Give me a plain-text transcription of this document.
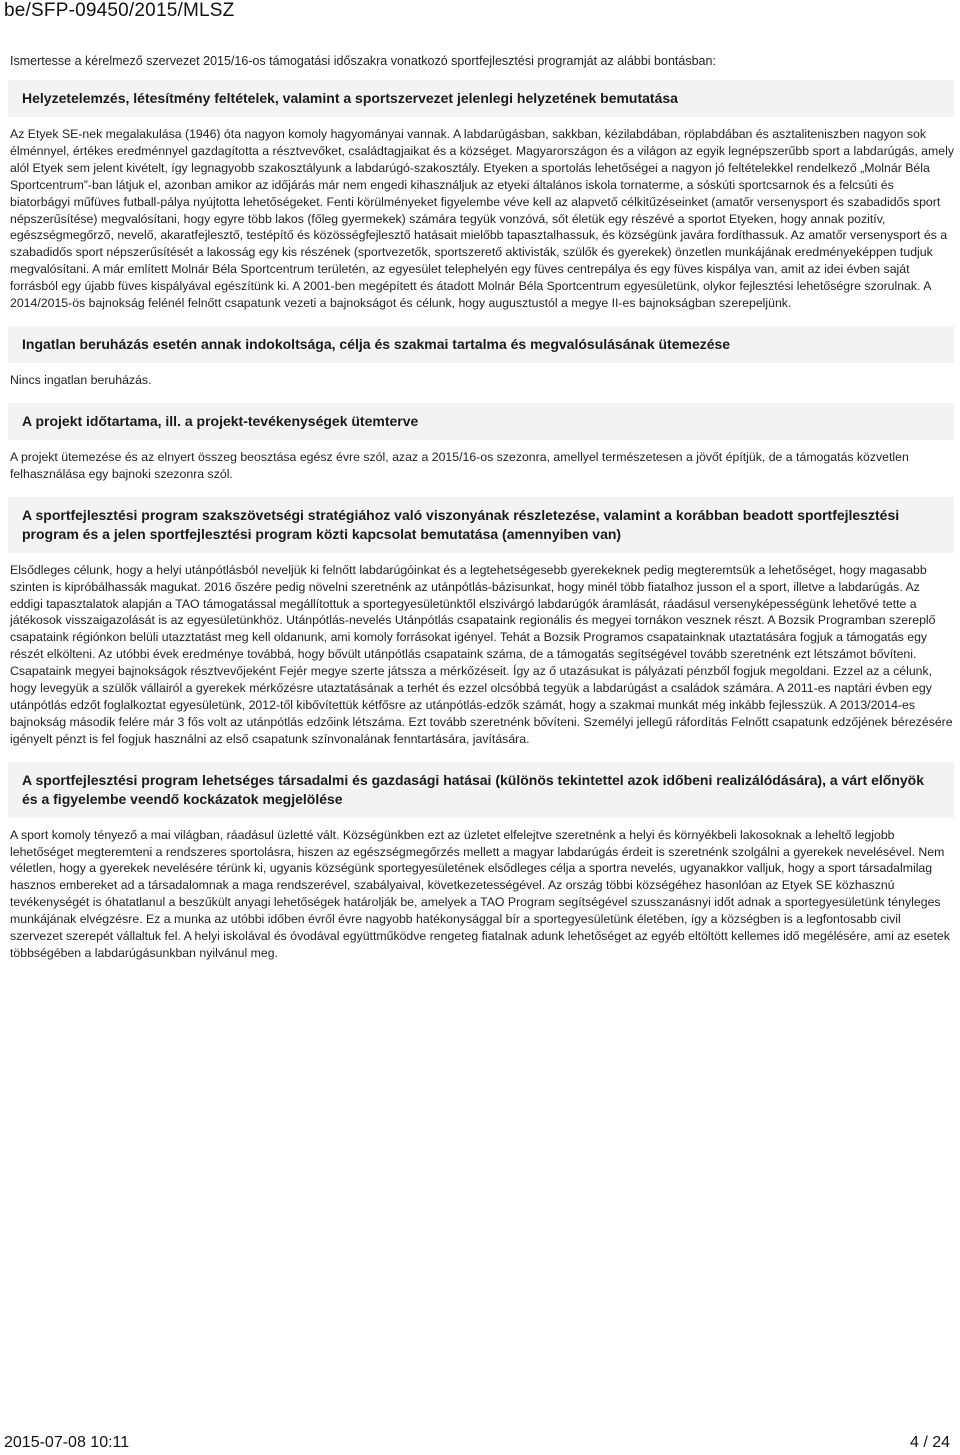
be/SFP-09450/2015/MLSZ
Ismertesse a kérelmező szervezet 2015/16-os támogatási időszakra vonatkozó sportfejlesztési programját az alábbi bontásban:
Helyzetelemzés, létesítmény feltételek, valamint a sportszervezet jelenlegi helyzetének bemutatása
Az Etyek SE-nek megalakulása (1946) óta nagyon komoly hagyományai vannak. A labdarúgásban, sakkban, kézilabdában, röplabdában és asztaliteniszben nagyon sok élménnyel, értékes eredménnyel gazdagította a résztvevőket, családtagjaikat és a községet. Magyarországon és a világon az egyik legnépszerűbb sport a labdarúgás, amely alól Etyek sem jelent kivételt, így legnagyobb szakosztályunk a labdarúgó-szakosztály. Etyeken a sportolás lehetőségei a nagyon jó feltételekkel rendelkező „Molnár Béla Sportcentrum”-ban látjuk el, azonban amikor az időjárás már nem engedi kihasználjuk az etyeki általános iskola tornaterme, a sóskúti sportcsarnok és a felcsúti és biatorbágyi műfüves futball-pálya nyújtotta lehetőségeket. Fenti körülményeket figyelembe véve kell az alapvető célkitűzéseinket (amatőr versenysport és szabadidős sport népszerűsítése) megvalósítani, hogy egyre több lakos (főleg gyermekek) számára tegyük vonzóvá, sőt életük egy részévé a sportot Etyeken, hogy annak pozitív, egészségmegőrző, nevelő, akaratfejlesztő, testépítő és közösségfejlesztő hatásait mielőbb tapasztalhassuk, és községünk javára fordíthassuk. Az amatőr versenysport és a szabadidős sport népszerűsítését a lakosság egy kis részének (sportvezetők, sportszerető aktivisták, szülők és gyerekek) önzetlen munkájának eredményeképpen tudjuk megvalósítani. A már említett Molnár Béla Sportcentrum területén, az egyesület telephelyén egy füves centrepálya és egy füves kispálya van, amit az idei évben saját forrásból egy újabb füves kispályával egészítünk ki. A 2001-ben megépített és átadott Molnár Béla Sportcentrum egyesületünk, olykor fejlesztési lehetőségre szorulnak. A 2014/2015-ös bajnokság felénél felnőtt csapatunk vezeti a bajnokságot és célunk, hogy augusztustól a megye II-es bajnokságban szerepeljünk.
Ingatlan beruházás esetén annak indokoltsága, célja és szakmai tartalma és megvalósulásának ütemezése
Nincs ingatlan beruházás.
A projekt időtartama, ill. a projekt-tevékenységek ütemterve
A projekt ütemezése és az elnyert összeg beosztása egész évre szól, azaz a 2015/16-os szezonra, amellyel természetesen a jövőt építjük, de a támogatás közvetlen felhasználása egy bajnoki szezonra szól.
A sportfejlesztési program szakszövetségi stratégiához való viszonyának részletezése, valamint a korábban beadott sportfejlesztési program és a jelen sportfejlesztési program közti kapcsolat bemutatása (amennyiben van)
Elsődleges célunk, hogy a helyi utánpótlásból neveljük ki felnőtt labdarúgóinkat és a legtehetségesebb gyerekeknek pedig megteremtsük a lehetőséget, hogy magasabb szinten is kipróbálhassák magukat. 2016 őszére pedig növelni szeretnénk az utánpótlás-bázisunkat, hogy minél több fiatalhoz jusson el a sport, illetve a labdarúgás. Az eddigi tapasztalatok alapján a TAO támogatással megállítottuk a sportegyesületünktől elszivárgó labdarúgók áramlását, ráadásul versenyképességünk lehetővé tette a játékosok visszaigazolását is az egyesületünkhöz. Utánpótlás-nevelés Utánpótlás csapataink regionális és megyei tornákon vesznek részt. A Bozsik Programban szereplő csapataink régiónkon belüli utazztatást meg kell oldanunk, ami komoly forrásokat igényel. Tehát a Bozsik Programos csapatainknak utaztatására fogjuk a támogatás egy részét elkölteni. Az utóbbi évek eredménye továbbá, hogy bővült utánpótlás csapataink száma, de a támogatás segítségével tovább szeretnénk ezt létszámot bővíteni. Csapataink megyei bajnokságok résztvevőjeként Fejér megye szerte játssza a mérkőzéseit. Így az ő utazásukat is pályázati pénzből fogjuk megoldani. Ezzel az a célunk, hogy levegyük a szülők vállairól a gyerekek mérkőzésre utaztatásának a terhét és ezzel olcsóbbá tegyük a labdarúgást a családok számára. A 2011-es naptári évben egy utánpótlás edzőt foglalkoztat egyesületünk, 2012-től kibővítettük kétfősre az utánpótlás-edzők számát, hogy a szakmai munkát még inkább fejlesszük. A 2013/2014-es bajnokság második felére már 3 fős volt az utánpótlás edzőink létszáma. Ezt tovább szeretnénk bővíteni. Személyi jellegű ráfordítás Felnőtt csapatunk edzőjének bérezésére igényelt pénzt is fel fogjuk használni az első csapatunk színvonalának fenntartására, javítására.
A sportfejlesztési program lehetséges társadalmi és gazdasági hatásai (különös tekintettel azok időbeni realizálódására), a várt előnyök és a figyelembe veendő kockázatok megjelölése
A sport komoly tényező a mai világban, ráadásul üzletté vált. Községünkben ezt az üzletet elfelejtve szeretnénk a helyi és környékbeli lakosoknak a leheltő legjobb lehetőséget megteremteni a rendszeres sportolásra, hiszen az egészségmegőrzés mellett a magyar labdarúgás érdeit is szeretnénk szolgálni a gyerekek nevelésével. Nem véletlen, hogy a gyerekek nevelésére térünk ki, ugyanis községünk sportegyesületének elsődleges célja a sportra nevelés, ugyanakkor valljuk, hogy a sport társadalmilag hasznos embereket ad a társadalomnak a maga rendszerével, szabályaival, következetességével. Az ország többi községéhez hasonlóan az Etyek SE közhasznú tevékenységét is óhatatlanul a beszűkült anyagi lehetőségek határolják be, amelyek a TAO Program segítségével szusszanásnyi időt adnak a sportegyesületünk tényleges munkájának elvégzésre. Ez a munka az utóbbi időben évről évre nagyobb hatékonysággal bír a sportegyesületünk életében, így a községben is a legfontosabb civil szervezet szerepét vállaltuk fel. A helyi iskolával és óvodával együttműködve rengeteg fiatalnak adunk lehetőséget az egyéb eltöltött kellemes idő megélésére, ami az esetek többségében a labdarúgásunkban nyilvánul meg.
2015-07-08 10:11	4 / 24
